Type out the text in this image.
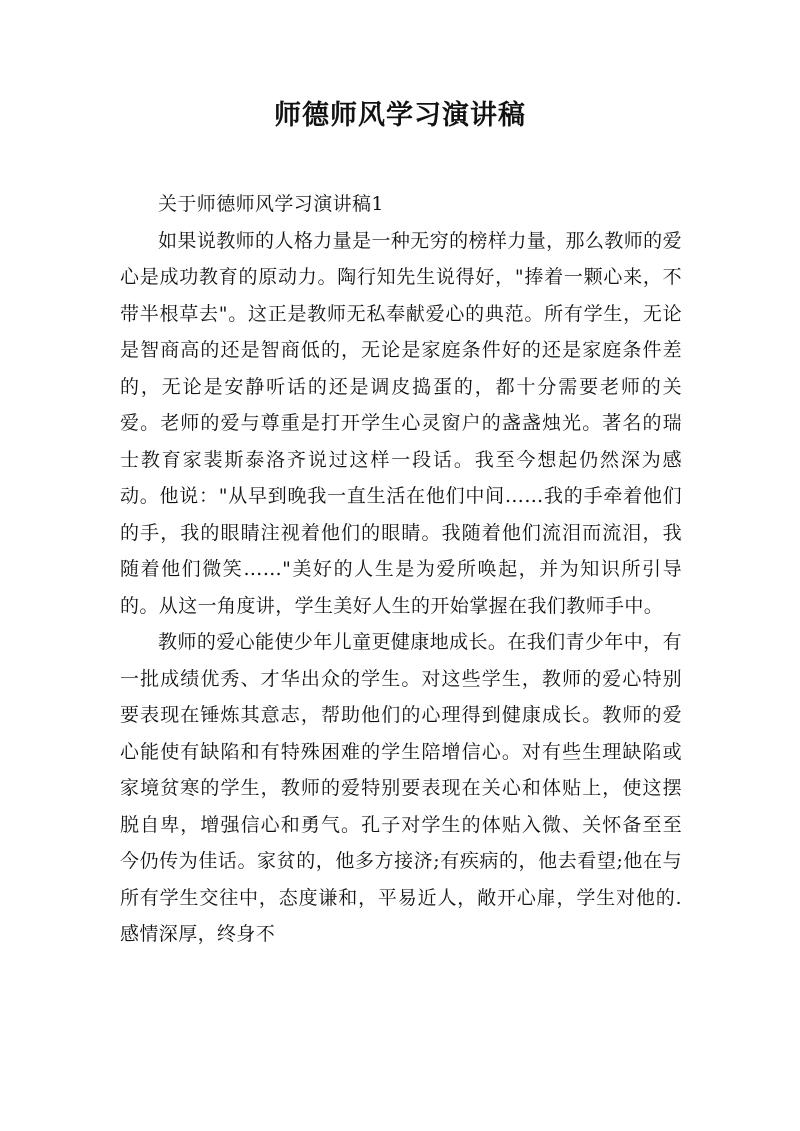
师德师风学习演讲稿

关于师德师风学习演讲稿1

如果说教师的人格力量是一种无穷的榜样力量，那么教师的爱心是成功教育的原动力。陶行知先生说得好，"捧着一颗心来，不带半根草去"。这正是教师无私奉献爱心的典范。所有学生，无论是智商高的还是智商低的，无论是家庭条件好的还是家庭条件差的，无论是安静听话的还是调皮捣蛋的，都十分需要老师的关爱。老师的爱与尊重是打开学生心灵窗户的盏盏烛光。著名的瑞士教育家裴斯泰洛齐说过这样一段话。我至今想起仍然深为感动。他说："从早到晚我一直生活在他们中间……我的手牵着他们的手，我的眼睛注视着他们的眼睛。我随着他们流泪而流泪，我随着他们微笑……"美好的人生是为爱所唤起，并为知识所引导的。从这一角度讲，学生美好人生的开始掌握在我们教师手中。

教师的爱心能使少年儿童更健康地成长。在我们青少年中，有一批成绩优秀、才华出众的学生。对这些学生，教师的爱心特别要表现在锤炼其意志，帮助他们的心理得到健康成长。教师的爱心能使有缺陷和有特殊困难的学生陪增信心。对有些生理缺陷或家境贫寒的学生，教师的爱特别要表现在关心和体贴上，使这摆脱自卑，增强信心和勇气。孔子对学生的体贴入微、关怀备至至今仍传为佳话。家贫的，他多方接济;有疾病的，他去看望;他在与所有学生交往中，态度谦和，平易近人，敞开心扉，学生对他的.感情深厚，终身不
